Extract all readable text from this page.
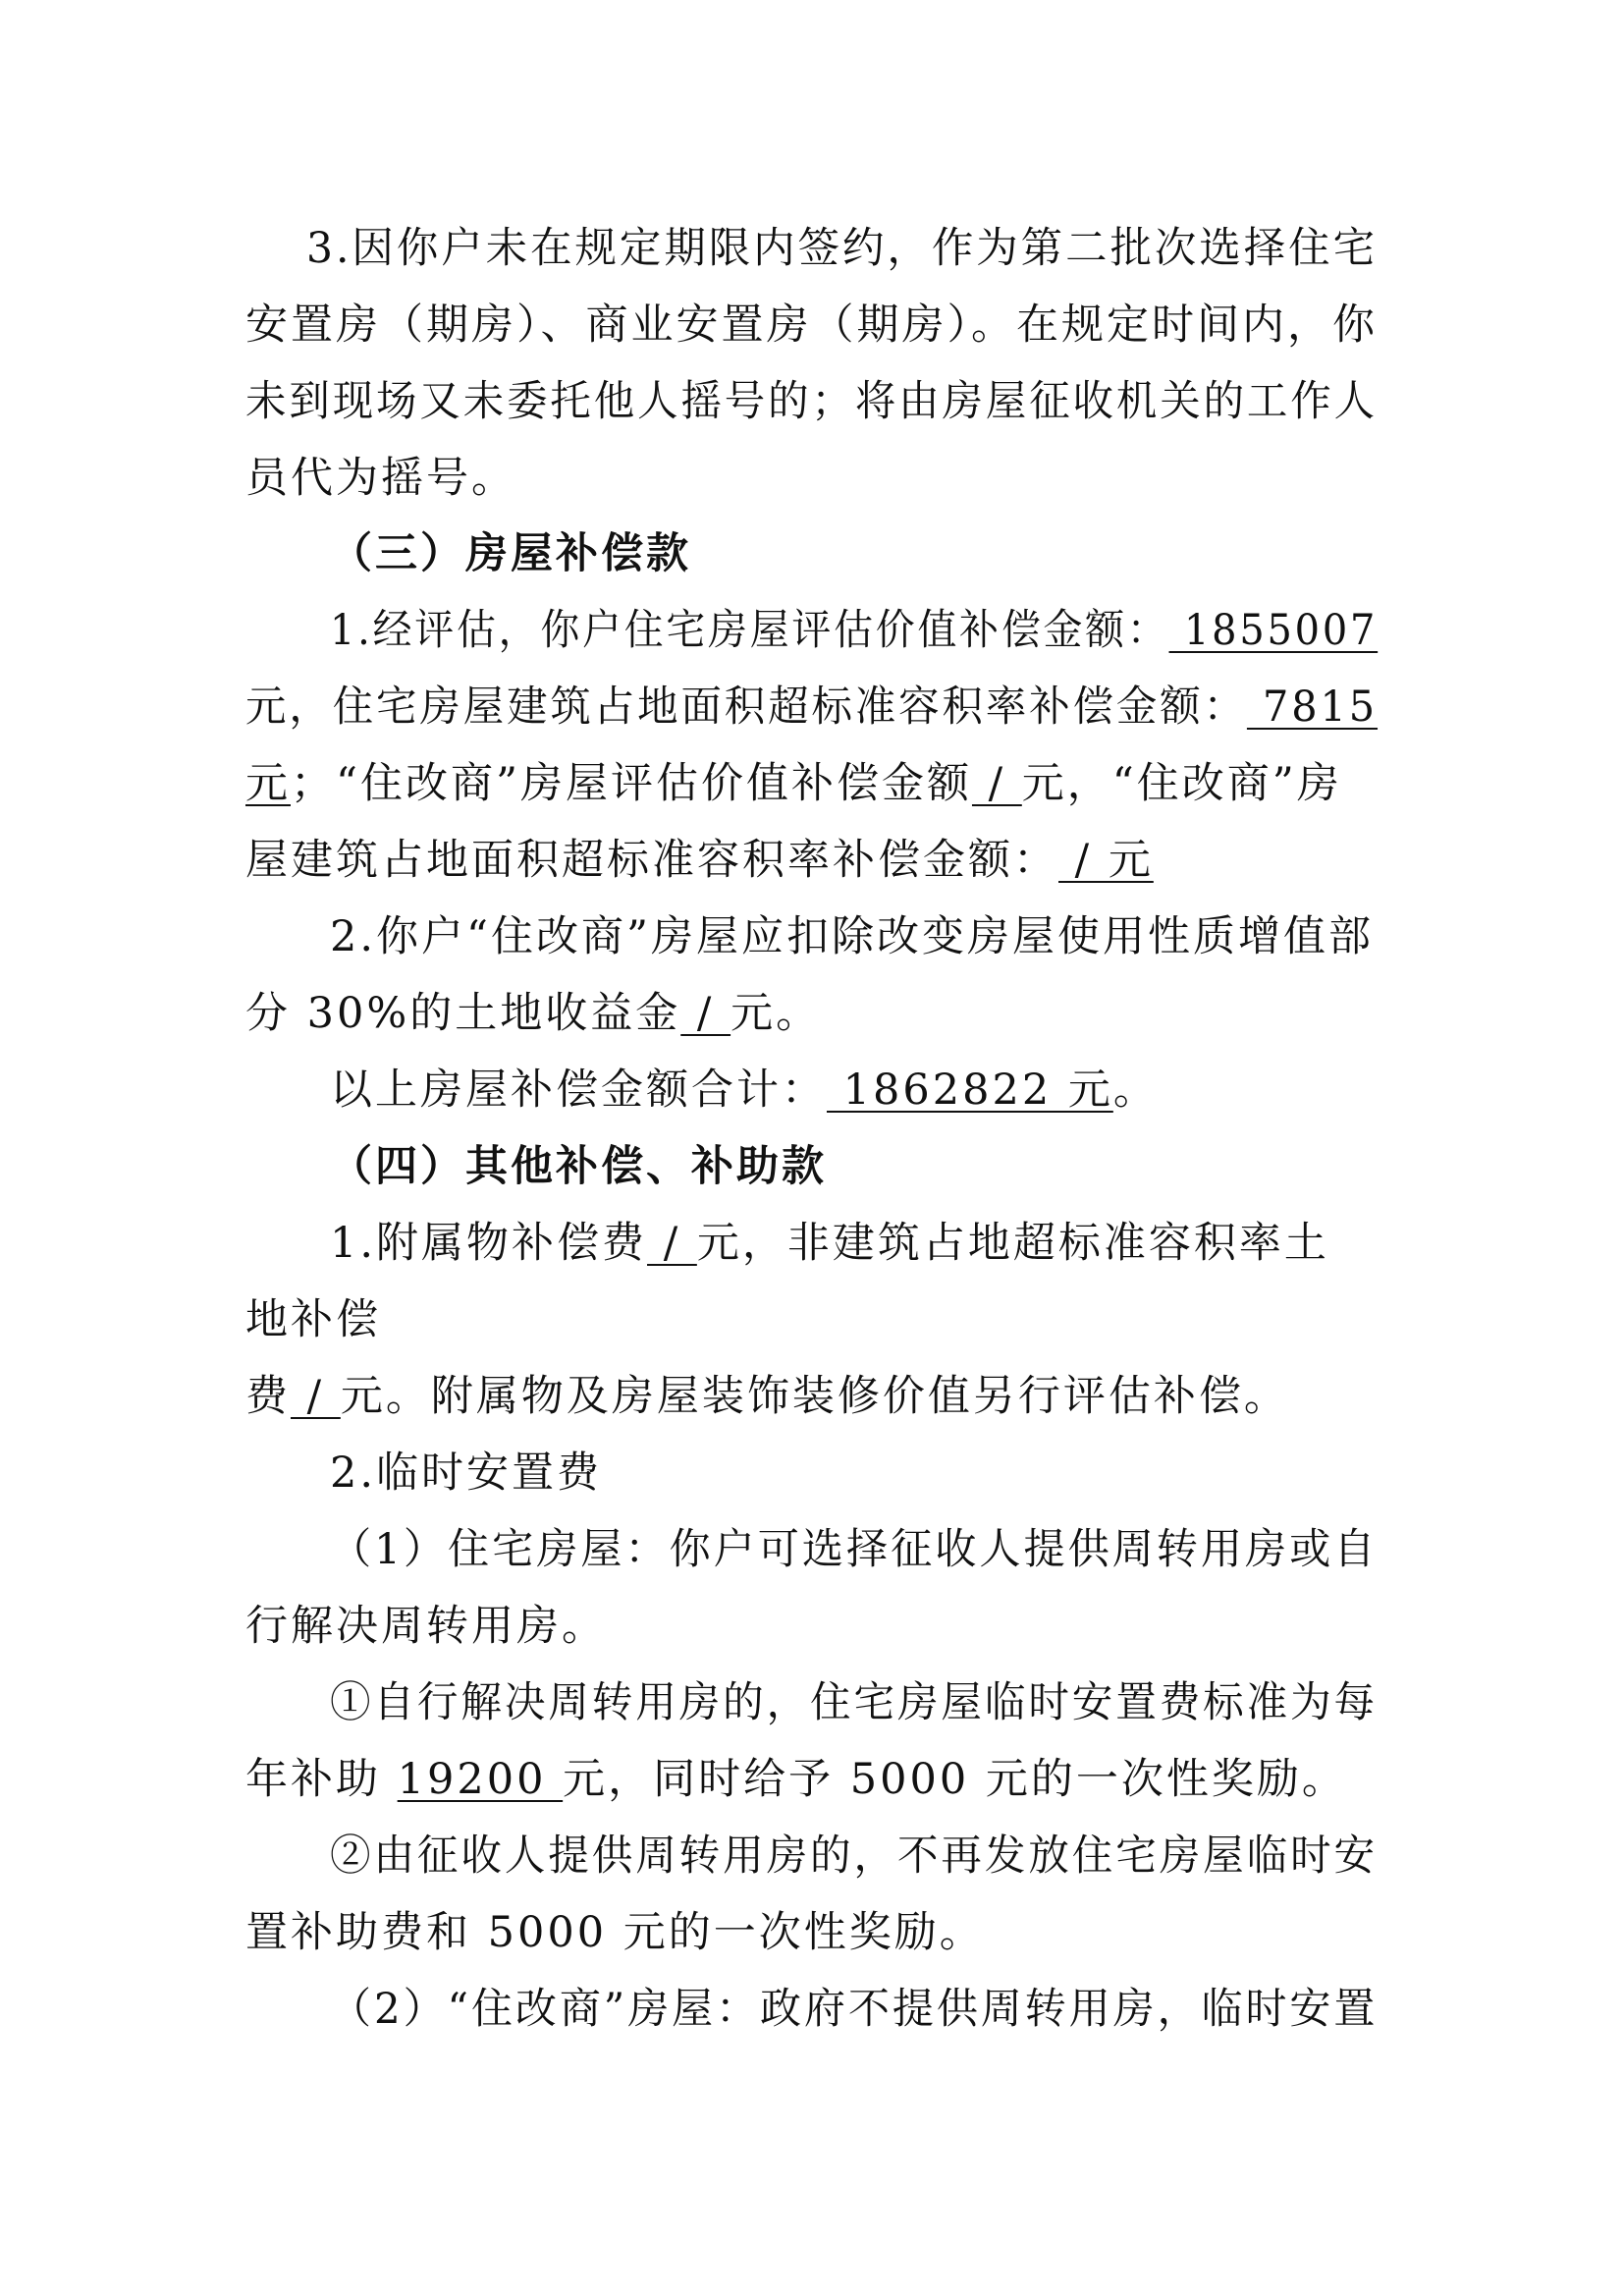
3.因你户未在规定期限内签约，作为第二批次选择住宅
安置房（期房）、商业安置房（期房）。在规定时间内，你
未到现场又未委托他人摇号的；将由房屋征收机关的工作人
员代为摇号。
（三）房屋补偿款
1.经评估，你户住宅房屋评估价值补偿金额： 1855007
元，住宅房屋建筑占地面积超标准容积率补偿金额： 7815
元；“住改商”房屋评估价值补偿金额 / 元，“住改商”房
屋建筑占地面积超标准容积率补偿金额： / 元
2.你户“住改商”房屋应扣除改变房屋使用性质增值部
分 30%的土地收益金 / 元。
以上房屋补偿金额合计： 1862822 元。
（四）其他补偿、补助款
1.附属物补偿费 / 元，非建筑占地超标准容积率土
地补偿
费 / 元。附属物及房屋装饰装修价值另行评估补偿。
2.临时安置费
（1）住宅房屋：你户可选择征收人提供周转用房或自
行解决周转用房。
①自行解决周转用房的，住宅房屋临时安置费标准为每
年补助 19200 元，同时给予 5000 元的一次性奖励。
②由征收人提供周转用房的，不再发放住宅房屋临时安
置补助费和 5000 元的一次性奖励。
（2）“住改商”房屋：政府不提供周转用房，临时安置
